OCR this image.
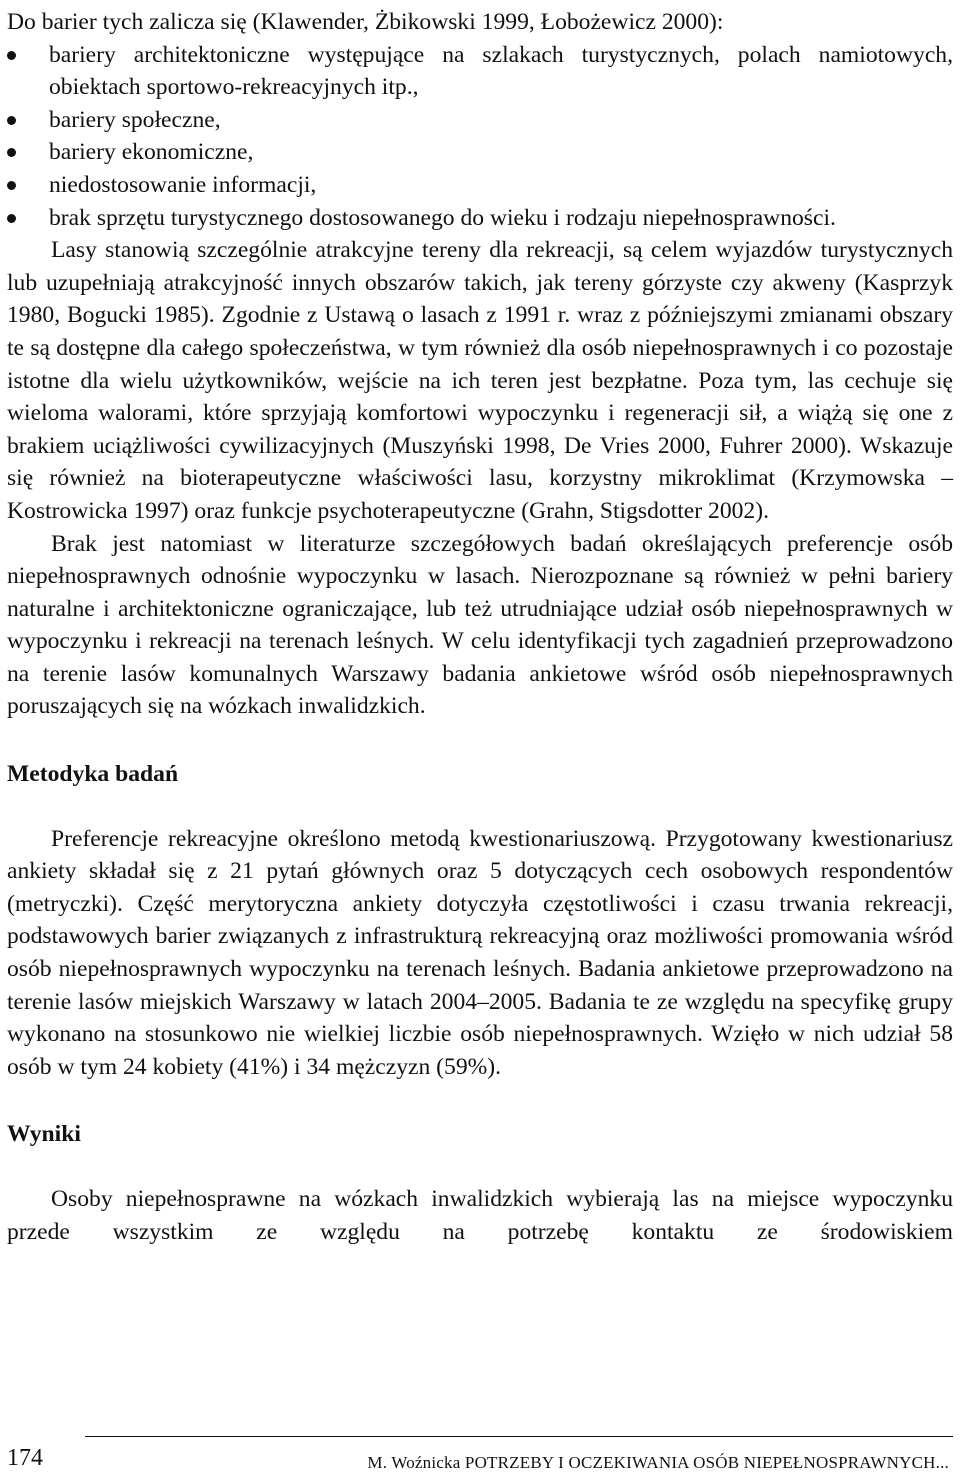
Do barier tych zalicza się (Klawender, Żbikowski 1999, Łobożewicz 2000):

bariery architektoniczne występujące na szlakach turystycznych, polach namiotowych, obiektach sportowo-rekreacyjnych itp.,
bariery społeczne,
bariery ekonomiczne,
niedostosowanie informacji,
brak sprzętu turystycznego dostosowanego do wieku i rodzaju niepełnosprawności.

Lasy stanowią szczególnie atrakcyjne tereny dla rekreacji, są celem wyjazdów turystycznych lub uzupełniają atrakcyjność innych obszarów takich, jak tereny górzyste czy akweny (Kasprzyk 1980, Bogucki 1985). Zgodnie z Ustawą o lasach z 1991 r. wraz z późniejszymi zmianami obszary te są dostępne dla całego społeczeństwa, w tym również dla osób niepełnosprawnych i co pozostaje istotne dla wielu użytkowników, wejście na ich teren jest bezpłatne. Poza tym, las cechuje się wieloma walorami, które sprzyjają komfortowi wypoczynku i regeneracji sił, a wiążą się one z brakiem uciążliwości cywilizacyjnych (Muszyński 1998, De Vries 2000, Fuhrer 2000). Wskazuje się również na bioterapeutyczne właściwości lasu, korzystny mikroklimat (Krzymowska – Kostrowicka 1997) oraz funkcje psychoterapeutyczne (Grahn, Stigsdotter 2002).

Brak jest natomiast w literaturze szczegółowych badań określających preferencje osób niepełnosprawnych odnośnie wypoczynku w lasach. Nierozpoznane są również w pełni bariery naturalne i architektoniczne ograniczające, lub też utrudniające udział osób niepełnosprawnych w wypoczynku i rekreacji na terenach leśnych. W celu identyfikacji tych zagadnień przeprowadzono na terenie lasów komunalnych Warszawy badania ankietowe wśród osób niepełnosprawnych poruszających się na wózkach inwalidzkich.

Metodyka badań

Preferencje rekreacyjne określono metodą kwestionariuszową. Przygotowany kwestionariusz ankiety składał się z 21 pytań głównych oraz 5 dotyczących cech osobowych respondentów (metryczki). Część merytoryczna ankiety dotyczyła częstotliwości i czasu trwania rekreacji, podstawowych barier związanych z infrastrukturą rekreacyjną oraz możliwości promowania wśród osób niepełnosprawnych wypoczynku na terenach leśnych. Badania ankietowe przeprowadzono na terenie lasów miejskich Warszawy w latach 2004–2005. Badania te ze względu na specyfikę grupy wykonano na stosunkowo nie wielkiej liczbie osób niepełnosprawnych. Wzięło w nich udział 58 osób w tym 24 kobiety (41%) i 34 mężczyzn (59%).

Wyniki

Osoby niepełnosprawne na wózkach inwalidzkich wybierają las na miejsce wypoczynku przede wszystkim ze względu na potrzebę kontaktu ze środowiskiem

174	M. Woźnicka POTRZEBY I OCZEKIWANIA OSÓB NIEPEŁNOSPRAWNYCH...
